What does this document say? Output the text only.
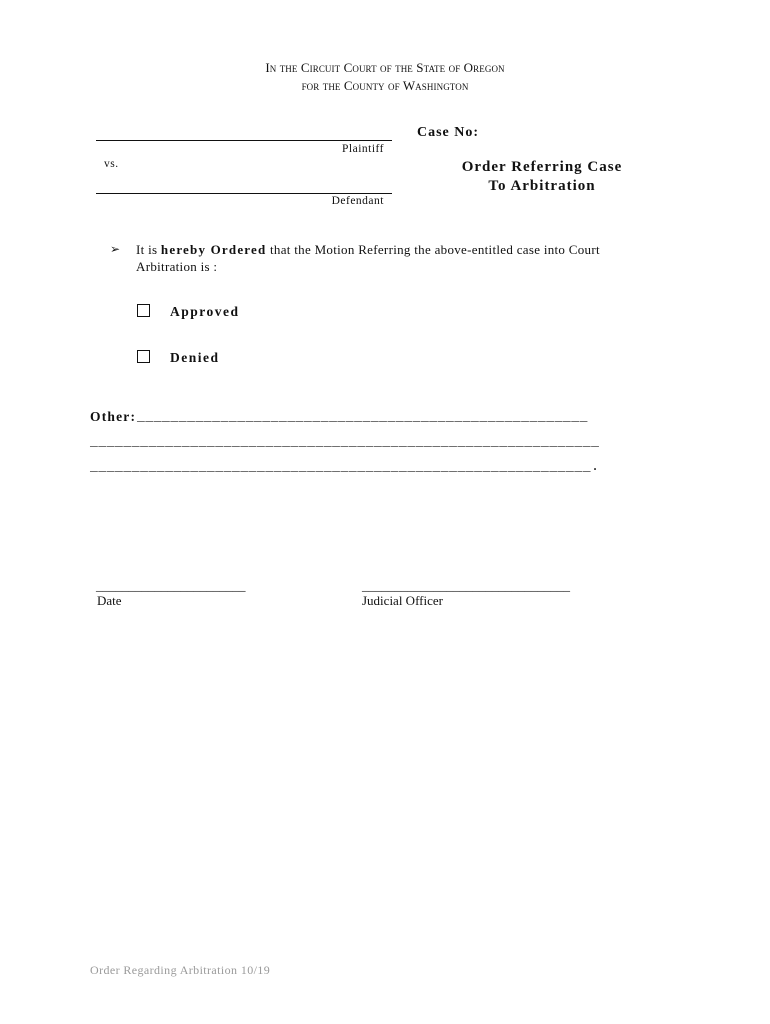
In the Circuit Court of the State of Oregon
for the County of Washington
Plaintiff
vs.
Defendant
Case No:
Order Referring Case
To Arbitration
➢ It is hereby Ordered that the Motion Referring the above-entitled case into Court Arbitration is :
Approved
Denied
Other: ______________________________________________________
_____________________________________________________________
____________________________________________________________.
_______________________
Date
________________________________
Judicial Officer
Order Regarding Arbitration 10/19
